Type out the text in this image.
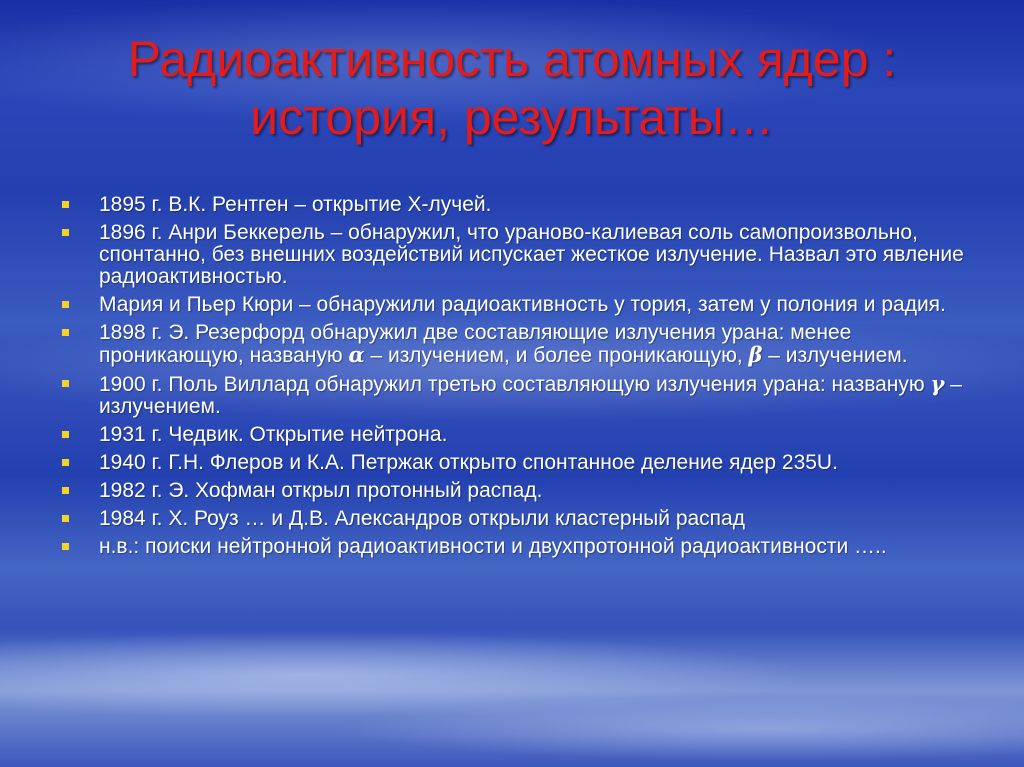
Радиоактивность атомных ядер :
история, результаты…
1895 г. В.К. Рентген – открытие Х-лучей.
1896 г. Анри Беккерель – обнаружил, что ураново-калиевая соль самопроизвольно, спонтанно, без внешних воздействий испускает жесткое излучение. Назвал это явление радиоактивностью.
Мария и Пьер Кюри – обнаружили радиоактивность у тория, затем у полония и радия.
1898 г. Э. Резерфорд обнаружил две составляющие излучения урана: менее проникающую, названую α – излучением, и более проникающую, β – излучением.
1900 г. Поль Виллард обнаружил третью составляющую излучения урана: названую γ – излучением.
1931 г. Чедвик. Открытие нейтрона.
1940 г. Г.Н. Флеров и К.А. Петржак открыто спонтанное деление ядер 235U.
1982 г. Э. Хофман открыл протонный распад.
1984 г. Х. Роуз … и Д.В. Александров открыли кластерный распад
н.в.: поиски нейтронной радиоактивности и двухпротонной радиоактивности …..
